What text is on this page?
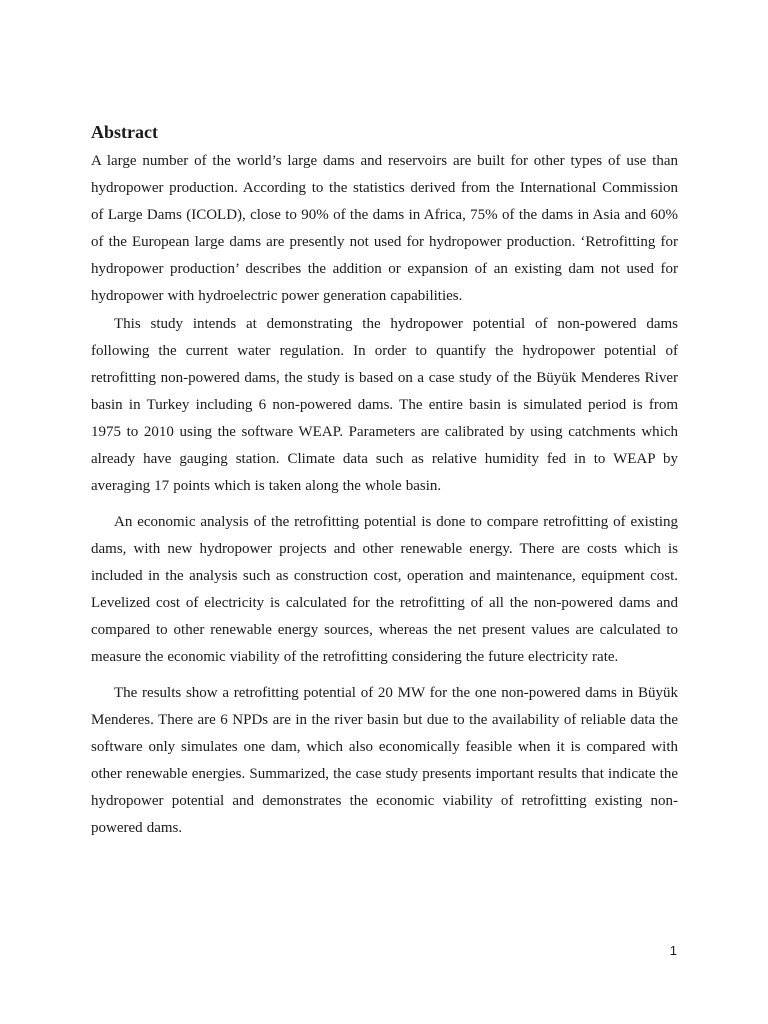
Abstract

A large number of the world’s large dams and reservoirs are built for other types of use than hydropower production. According to the statistics derived from the International Commission of Large Dams (ICOLD), close to 90% of the dams in Africa, 75% of the dams in Asia and 60% of the European large dams are presently not used for hydropower production. ‘Retrofitting for hydropower production’ describes the addition or expansion of an existing dam not used for hydropower with hydroelectric power generation capabilities.

This study intends at demonstrating the hydropower potential of non-powered dams following the current water regulation. In order to quantify the hydropower potential of retrofitting non-powered dams, the study is based on a case study of the Büyük Menderes River basin in Turkey including 6 non-powered dams. The entire basin is simulated period is from 1975 to 2010 using the software WEAP. Parameters are calibrated by using catchments which already have gauging station. Climate data such as relative humidity fed in to WEAP by averaging 17 points which is taken along the whole basin.

An economic analysis of the retrofitting potential is done to compare retrofitting of existing dams, with new hydropower projects and other renewable energy. There are costs which is included in the analysis such as construction cost, operation and maintenance, equipment cost. Levelized cost of electricity is calculated for the retrofitting of all the non-powered dams and compared to other renewable energy sources, whereas the net present values are calculated to measure the economic viability of the retrofitting considering the future electricity rate.

The results show a retrofitting potential of 20 MW for the one non-powered dams in Büyük Menderes. There are 6 NPDs are in the river basin but due to the availability of reliable data the software only simulates one dam, which also economically feasible when it is compared with other renewable energies. Summarized, the case study presents important results that indicate the hydropower potential and demonstrates the economic viability of retrofitting existing non-powered dams.

1
